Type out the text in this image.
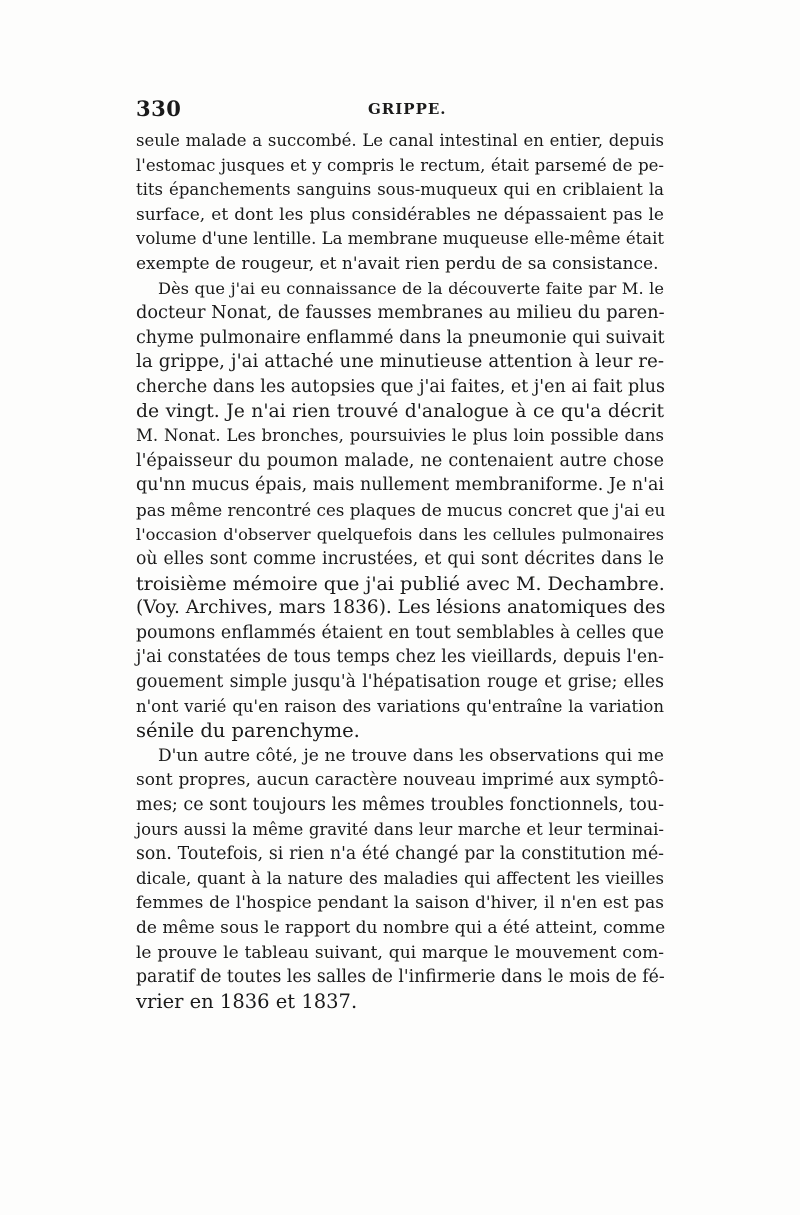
330	GRIPPE.
seule malade a succombé. Le canal intestinal en entier, depuis
l'estomac jusques et y compris le rectum, était parsemé de pe-
tits épanchements sanguins sous-muqueux qui en criblaient la
surface, et dont les plus considérables ne dépassaient pas le
volume d'une lentille. La membrane muqueuse elle-même était
exempte de rougeur, et n'avait rien perdu de sa consistance.
Dès que j'ai eu connaissance de la découverte faite par M. le
docteur Nonat, de fausses membranes au milieu du paren-
chyme pulmonaire enflammé dans la pneumonie qui suivait
la grippe, j'ai attaché une minutieuse attention à leur re-
cherche dans les autopsies que j'ai faites, et j'en ai fait plus
de vingt. Je n'ai rien trouvé d'analogue à ce qu'a décrit
M. Nonat. Les bronches, poursuivies le plus loin possible dans
l'épaisseur du poumon malade, ne contenaient autre chose
qu'nn mucus épais, mais nullement membraniforme. Je n'ai
pas même rencontré ces plaques de mucus concret que j'ai eu
l'occasion d'observer quelquefois dans les cellules pulmonaires
où elles sont comme incrustées, et qui sont décrites dans le
troisième mémoire que j'ai publié avec M. Dechambre.
(Voy. Archives, mars 1836). Les lésions anatomiques des
poumons enflammés étaient en tout semblables à celles que
j'ai constatées de tous temps chez les vieillards, depuis l'en-
gouement simple jusqu'à l'hépatisation rouge et grise; elles
n'ont varié qu'en raison des variations qu'entraîne la variation
sénile du parenchyme.
D'un autre côté, je ne trouve dans les observations qui me
sont propres, aucun caractère nouveau imprimé aux symptô-
mes; ce sont toujours les mêmes troubles fonctionnels, tou-
jours aussi la même gravité dans leur marche et leur terminai-
son. Toutefois, si rien n'a été changé par la constitution mé-
dicale, quant à la nature des maladies qui affectent les vieilles
femmes de l'hospice pendant la saison d'hiver, il n'en est pas
de même sous le rapport du nombre qui a été atteint, comme
le prouve le tableau suivant, qui marque le mouvement com-
paratif de toutes les salles de l'infirmerie dans le mois de fé-
vrier en 1836 et 1837.
